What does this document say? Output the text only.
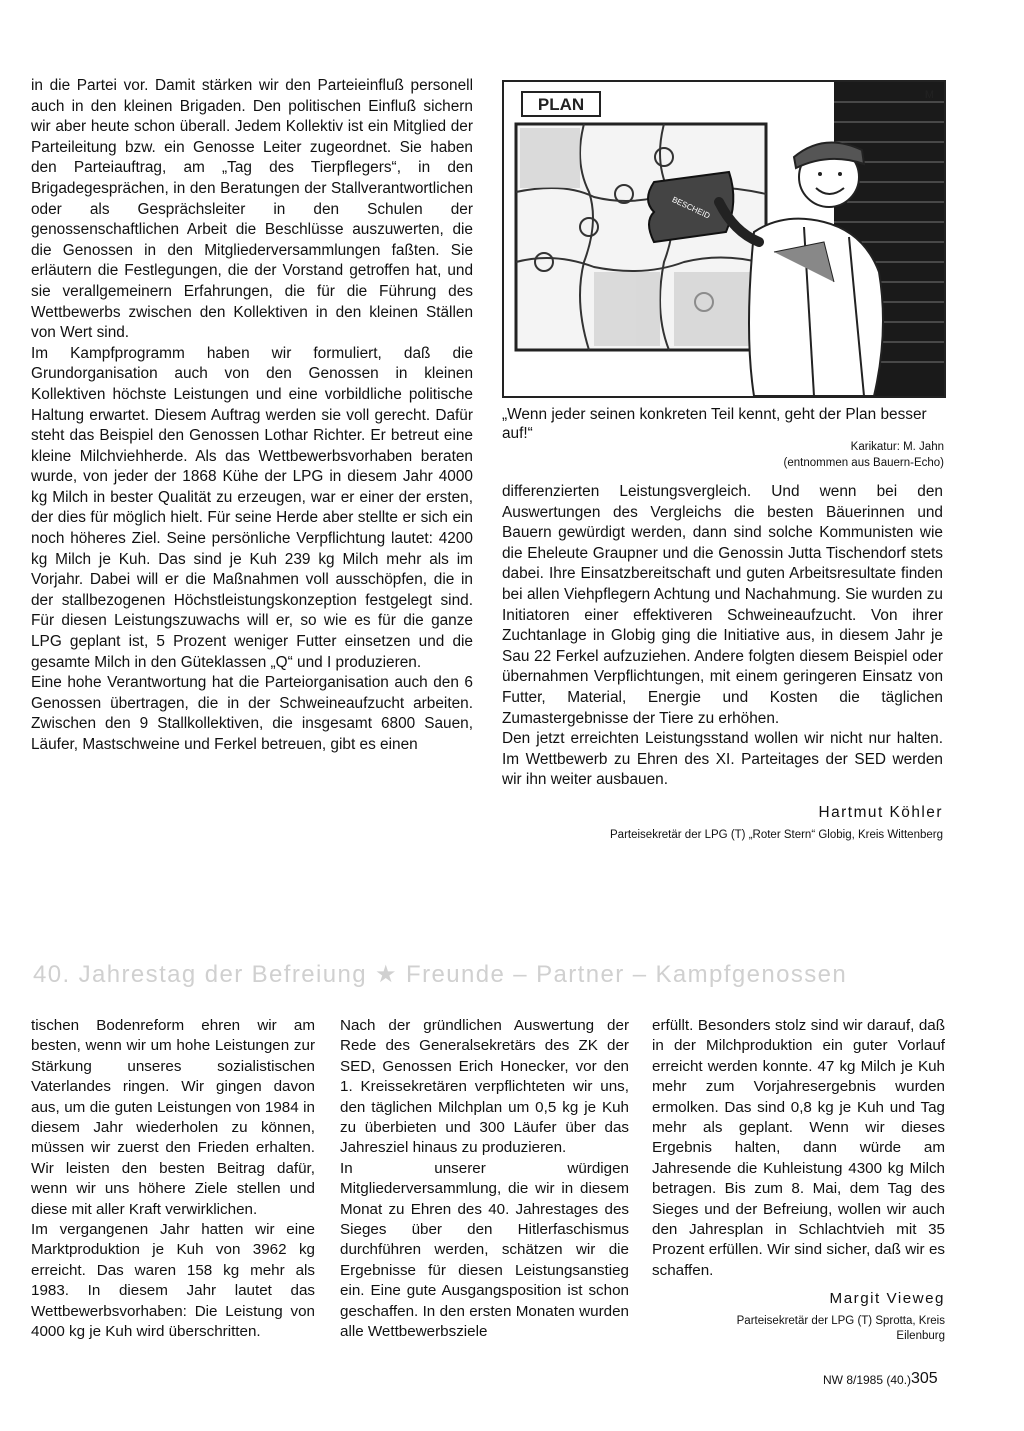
in die Partei vor. Damit stärken wir den Parteieinfluß personell auch in den kleinen Brigaden. Den politischen Einfluß sichern wir aber heute schon überall. Jedem Kollektiv ist ein Mitglied der Parteileitung bzw. ein Genosse Leiter zugeordnet. Sie haben den Parteiauftrag, am „Tag des Tierpflegers“, in den Brigadegesprächen, in den Beratungen der Stallverantwortlichen oder als Gesprächsleiter in den Schulen der genossenschaftlichen Arbeit die Beschlüsse auszuwerten, die die Genossen in den Mitgliederversammlungen faßten. Sie erläutern die Festlegungen, die der Vorstand getroffen hat, und sie verallgemeinern Erfahrungen, die für die Führung des Wettbewerbs zwischen den Kollektiven in den kleinen Ställen von Wert sind.

Im Kampfprogramm haben wir formuliert, daß die Grundorganisation auch von den Genossen in kleinen Kollektiven höchste Leistungen und eine vorbildliche politische Haltung erwartet. Diesem Auftrag werden sie voll gerecht. Dafür steht das Beispiel den Genossen Lothar Richter. Er betreut eine kleine Milchviehherde. Als das Wettbewerbsvorhaben beraten wurde, von jeder der 1868 Kühe der LPG in diesem Jahr 4000 kg Milch in bester Qualität zu erzeugen, war er einer der ersten, der dies für möglich hielt. Für seine Herde aber stellte er sich ein noch höheres Ziel. Seine persönliche Verpflichtung lautet: 4200 kg Milch je Kuh. Das sind je Kuh 239 kg Milch mehr als im Vorjahr. Dabei will er die Maßnahmen voll ausschöpfen, die in der stallbezogenen Höchstleistungskonzeption festgelegt sind. Für diesen Leistungszuwachs will er, so wie es für die ganze LPG geplant ist, 5 Prozent weniger Futter einsetzen und die gesamte Milch in den Güteklassen „Q“ und I produzieren.

Eine hohe Verantwortung hat die Parteiorganisation auch den 6 Genossen übertragen, die in der Schweineaufzucht arbeiten. Zwischen den 9 Stallkollektiven, die insgesamt 6800 Sauen, Läufer, Mastschweine und Ferkel betreuen, gibt es einen

PLAN
BESCHEID
M
„Wenn jeder seinen konkreten Teil kennt, geht der Plan besser auf!“
Karikatur: M. Jahn
(entnommen aus Bauern-Echo)

differenzierten Leistungsvergleich. Und wenn bei den Auswertungen des Vergleichs die besten Bäuerinnen und Bauern gewürdigt werden, dann sind solche Kommunisten wie die Eheleute Graupner und die Genossin Jutta Tischendorf stets dabei. Ihre Einsatzbereitschaft und guten Arbeitsresultate finden bei allen Viehpflegern Achtung und Nachahmung. Sie wurden zu Initiatoren einer effektiveren Schweineaufzucht. Von ihrer Zuchtanlage in Globig ging die Initiative aus, in diesem Jahr je Sau 22 Ferkel aufzuziehen. Andere folgten diesem Beispiel oder übernahmen Verpflichtungen, mit einem geringeren Einsatz von Futter, Material, Energie und Kosten die täglichen Zumastergebnisse der Tiere zu erhöhen.

Den jetzt erreichten Leistungsstand wollen wir nicht nur halten. Im Wettbewerb zu Ehren des XI. Parteitages der SED werden wir ihn weiter ausbauen.

Hartmut Köhler

Parteisekretär der LPG (T) „Roter Stern“ Globig, Kreis Wittenberg

40. Jahrestag der Befreiung ★ Freunde – Partner – Kampfgenossen

tischen Bodenreform ehren wir am besten, wenn wir um hohe Leistungen zur Stärkung unseres sozialistischen Vaterlandes ringen. Wir gingen davon aus, um die guten Leistungen von 1984 in diesem Jahr wiederholen zu können, müssen wir zuerst den Frieden erhalten. Wir leisten den besten Beitrag dafür, wenn wir uns höhere Ziele stellen und diese mit aller Kraft verwirklichen.

Im vergangenen Jahr hatten wir eine Marktproduktion je Kuh von 3962 kg erreicht. Das waren 158 kg mehr als 1983. In diesem Jahr lautet das Wettbewerbsvorhaben: Die Leistung von 4000 kg je Kuh wird überschritten.

Nach der gründlichen Auswertung der Rede des Generalsekretärs des ZK der SED, Genossen Erich Honecker, vor den 1. Kreissekretären verpflichteten wir uns, den täglichen Milchplan um 0,5 kg je Kuh zu überbieten und 300 Läufer über das Jahresziel hinaus zu produzieren.

In unserer würdigen Mitgliederversammlung, die wir in diesem Monat zu Ehren des 40. Jahrestages des Sieges über den Hitlerfaschismus durchführen werden, schätzen wir die Ergebnisse für diesen Leistungsanstieg ein. Eine gute Ausgangsposition ist schon geschaffen. In den ersten Monaten wurden alle Wettbewerbsziele

erfüllt. Besonders stolz sind wir darauf, daß in der Milchproduktion ein guter Vorlauf erreicht werden konnte. 47 kg Milch je Kuh mehr zum Vorjahresergebnis wurden ermolken. Das sind 0,8 kg je Kuh und Tag mehr als geplant. Wenn wir dieses Ergebnis halten, dann würde am Jahresende die Kuhleistung 4300 kg Milch betragen. Bis zum 8. Mai, dem Tag des Sieges und der Befreiung, wollen wir auch den Jahresplan in Schlachtvieh mit 35 Prozent erfüllen. Wir sind sicher, daß wir es schaffen.

Margit Vieweg

Parteisekretär der LPG (T) Sprotta, Kreis

Eilenburg

NW 8/1985 (40.) 305
